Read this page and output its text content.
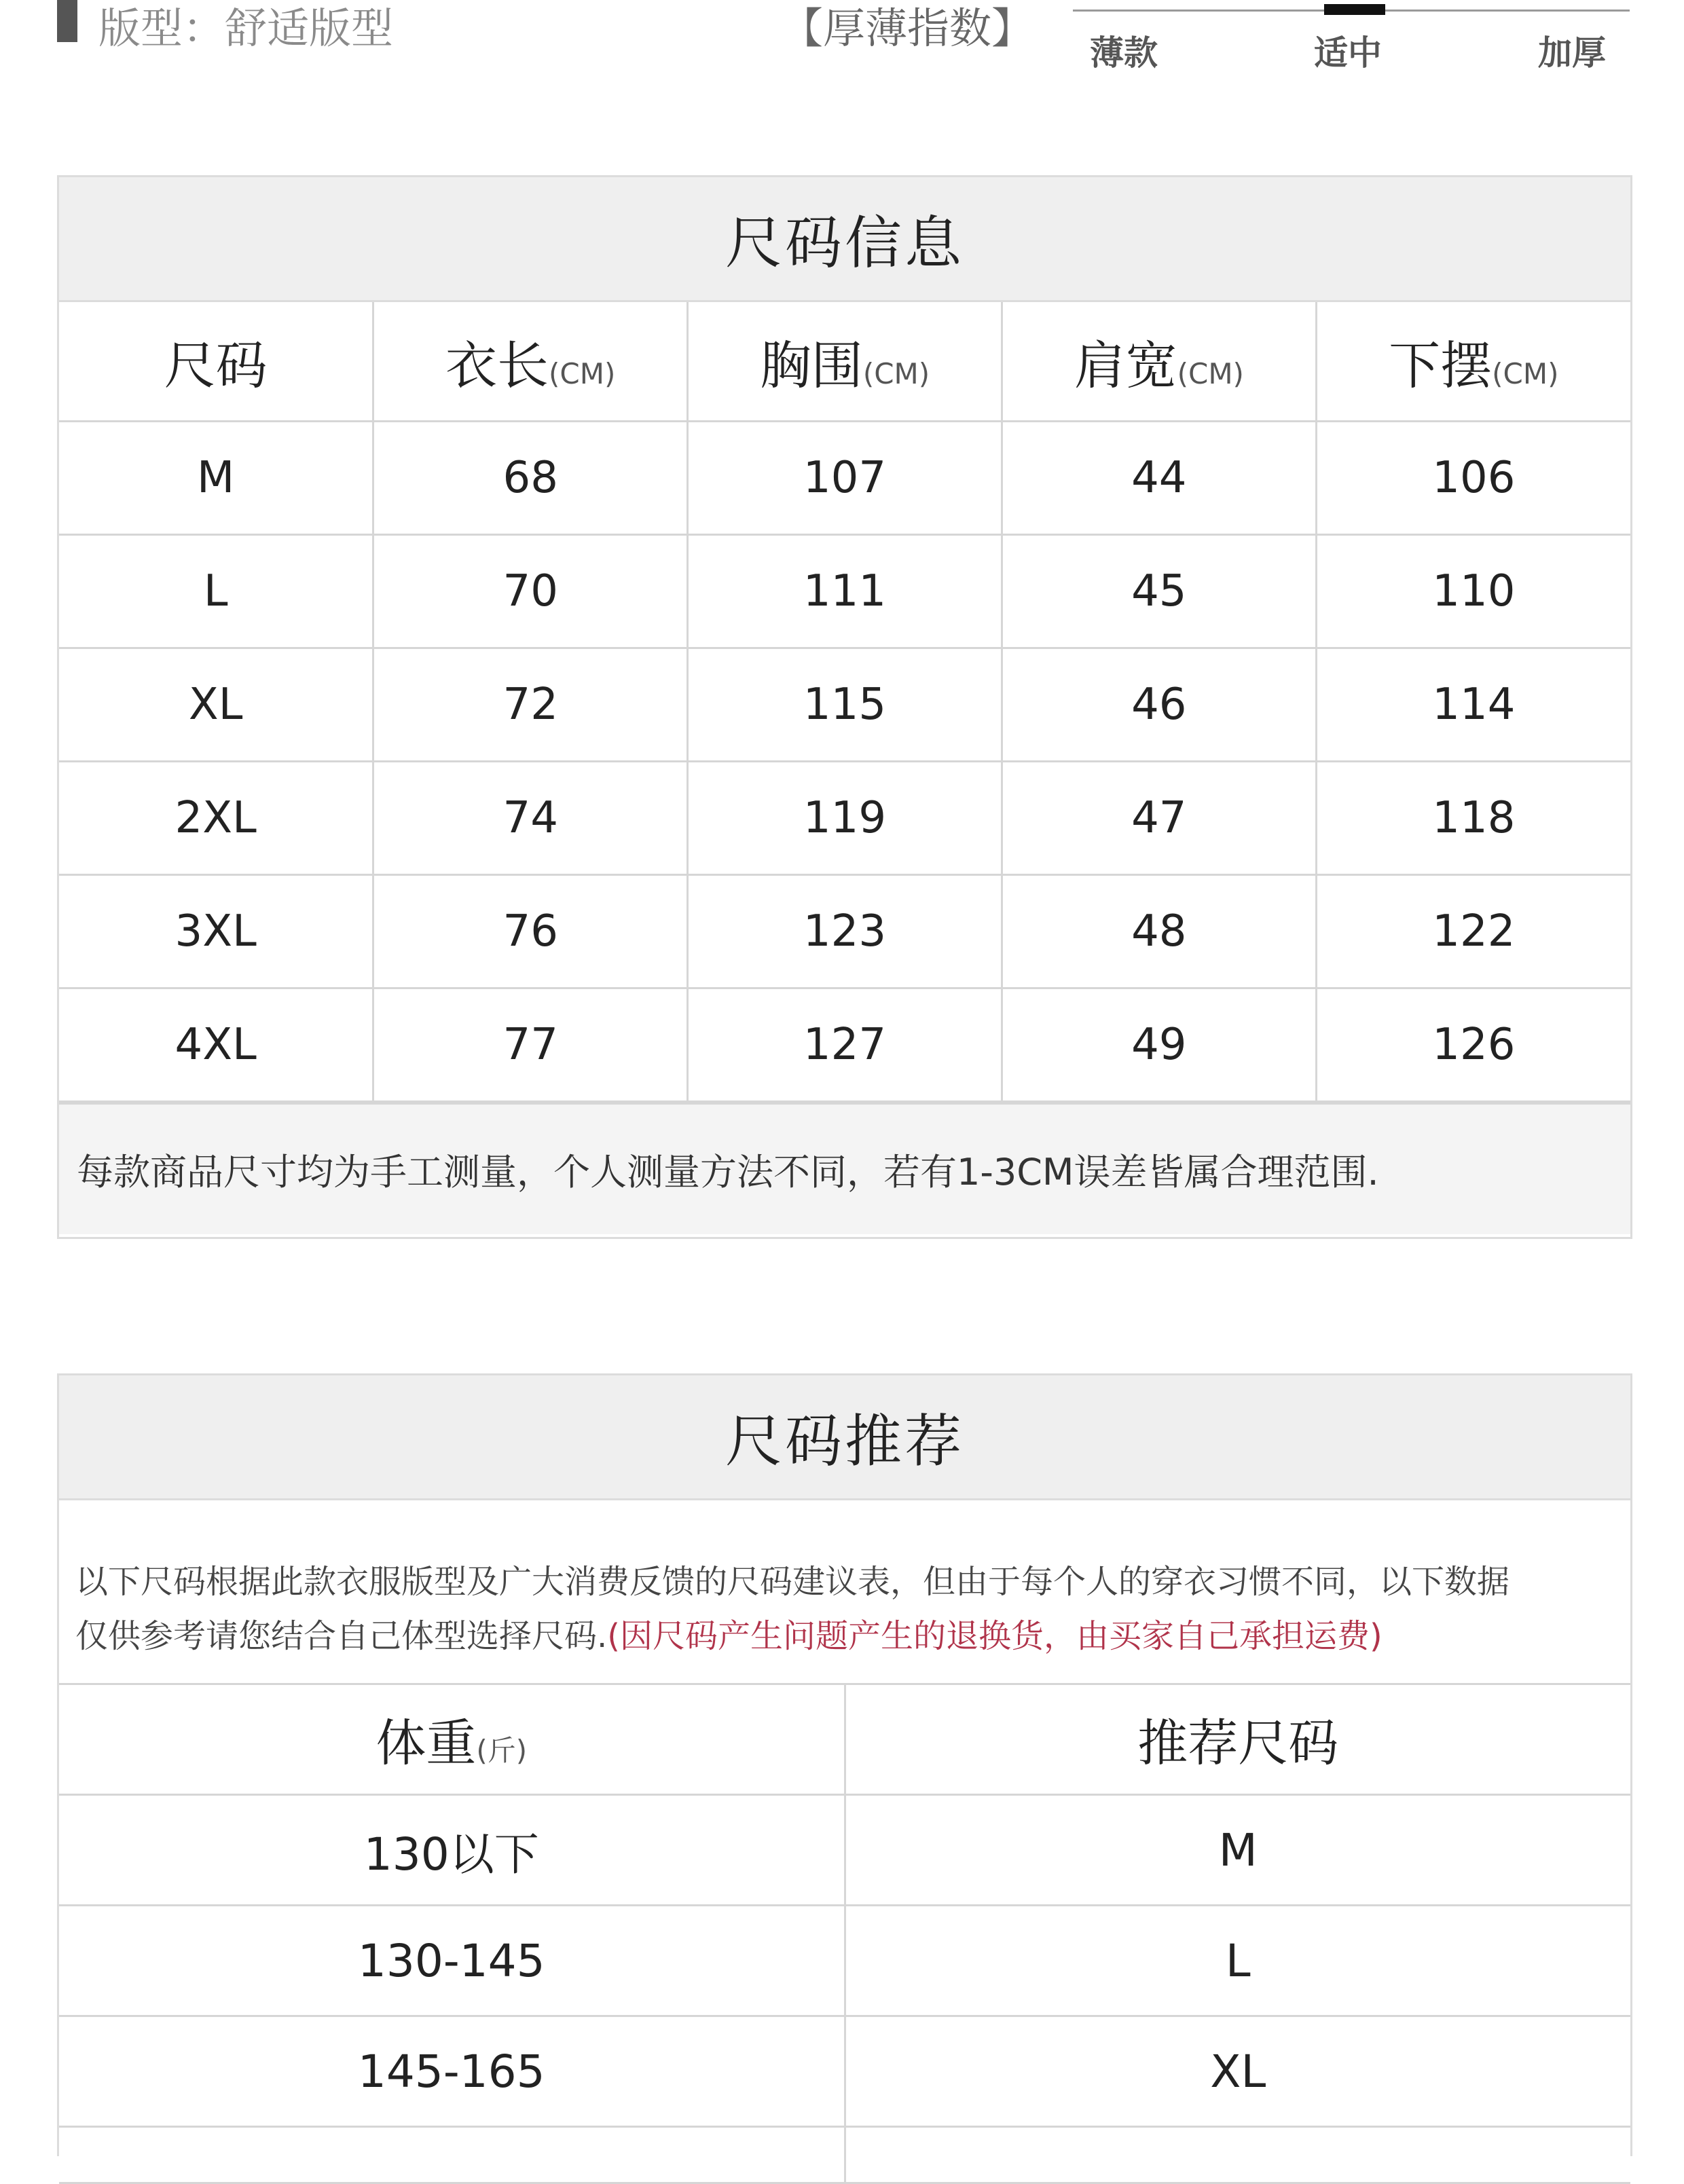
版型：舒适版型	【厚薄指数】 薄款	适中	加厚
尺码信息
尺码	衣长(CM)	胸围(CM)	肩宽(CM)	下摆(CM)
M	68	107	44	106
L	70	111	45	110
XL	72	115	46	114
2XL	74	119	47	118
3XL	76	123	48	122
4XL	77	127	49	126
每款商品尺寸均为手工测量，个人测量方法不同，若有1-3CM误差皆属合理范围.
尺码推荐
以下尺码根据此款衣服版型及广大消费反馈的尺码建议表，但由于每个人的穿衣习惯不同，以下数据
仅供参考请您结合自己体型选择尺码.(因尺码产生问题产生的退换货，由买家自己承担运费)
体重(斤)	推荐尺码
130以下	M
130-145	L
145-165	XL
